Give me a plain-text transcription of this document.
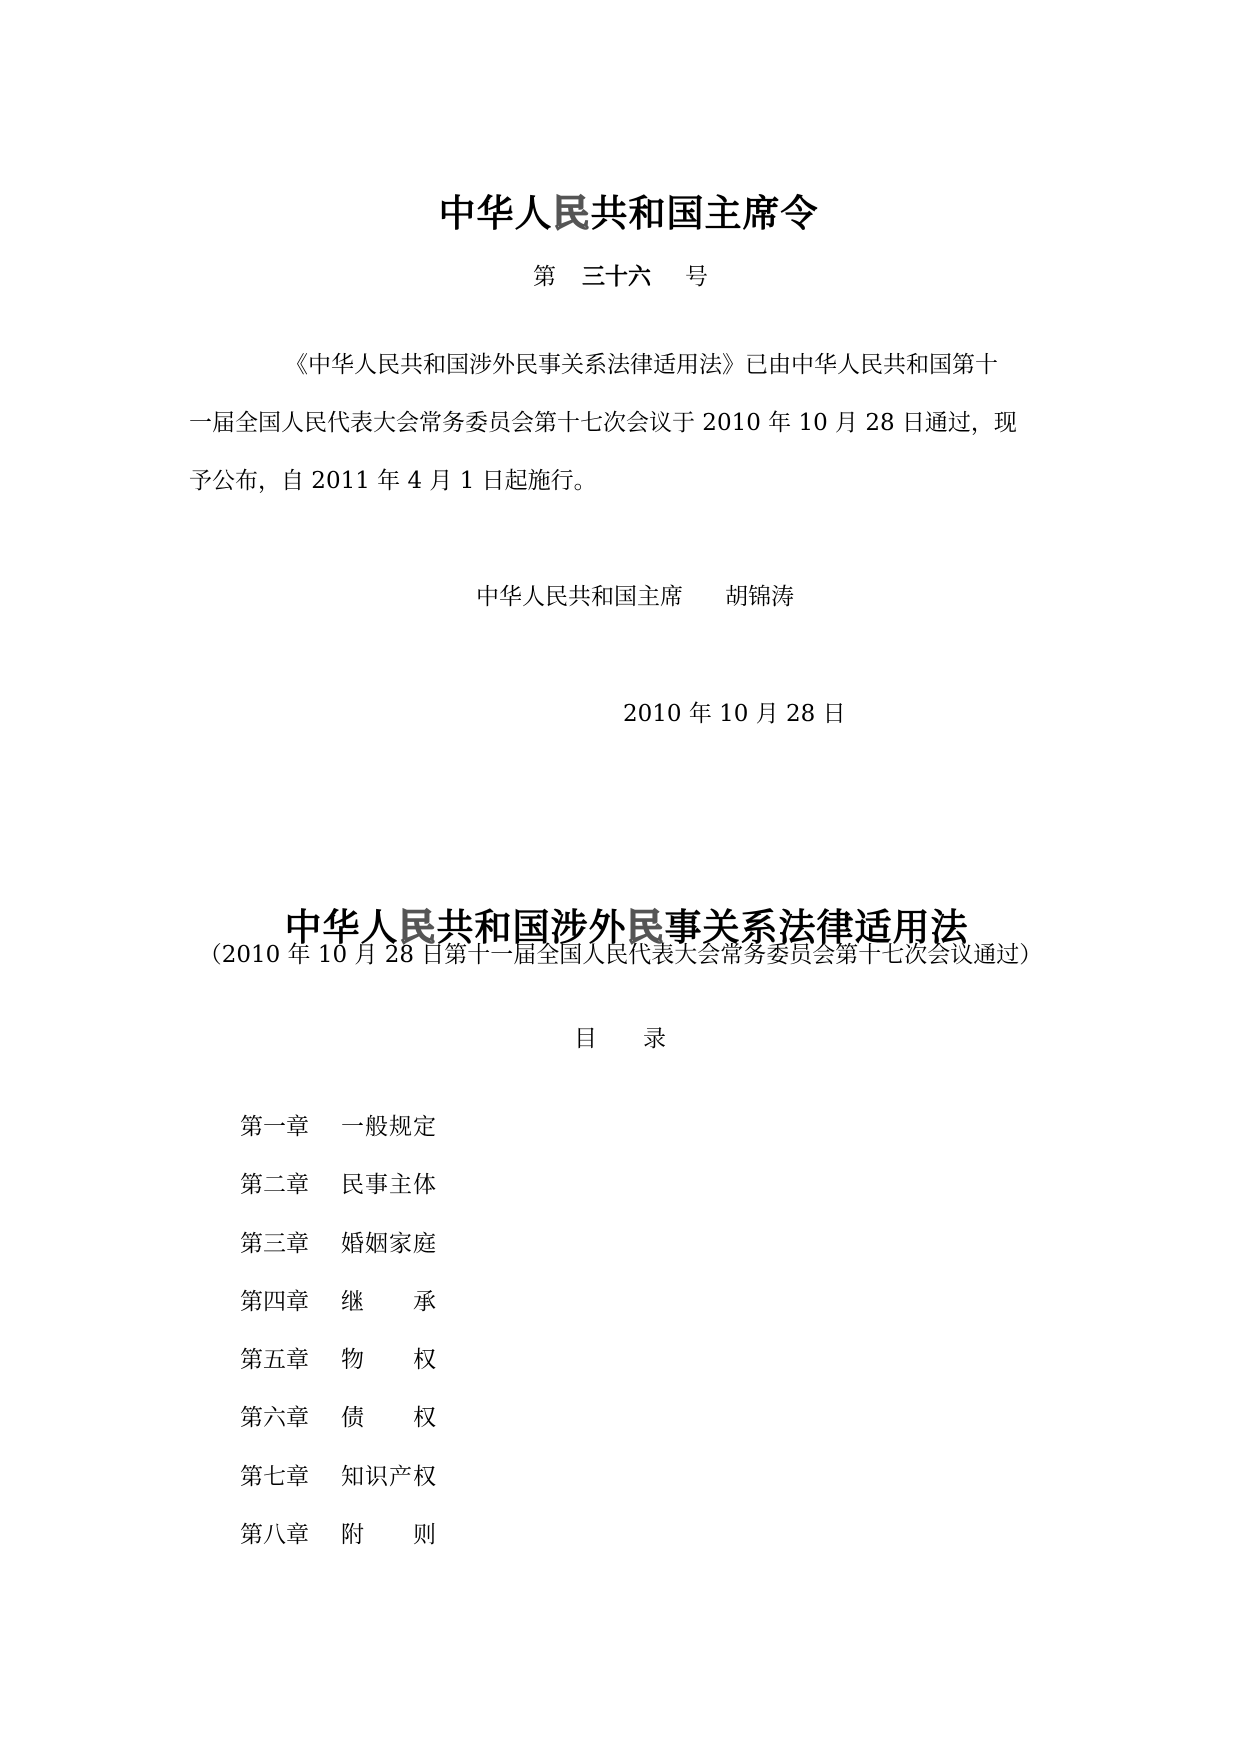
中华人民共和国主席令
第 三十六 号
《中华人民共和国涉外民事关系法律适用法》已由中华人民共和国第十
一届全国人民代表大会常务委员会第十七次会议于 2010 年 10 月 28 日通过，现
予公布，自 2011 年 4 月 1 日起施行。
中华人民共和国主席 胡锦涛
2010 年 10 月 28 日
中华人民共和国涉外民事关系法律适用法
（2010 年 10 月 28 日第十一届全国人民代表大会常务委员会第十七次会议通过）
目 录
第一章	一般规定
第二章	民事主体
第三章	婚姻家庭
第四章	继　承
第五章	物　权
第六章	债　权
第七章	知识产权
第八章	附　则
